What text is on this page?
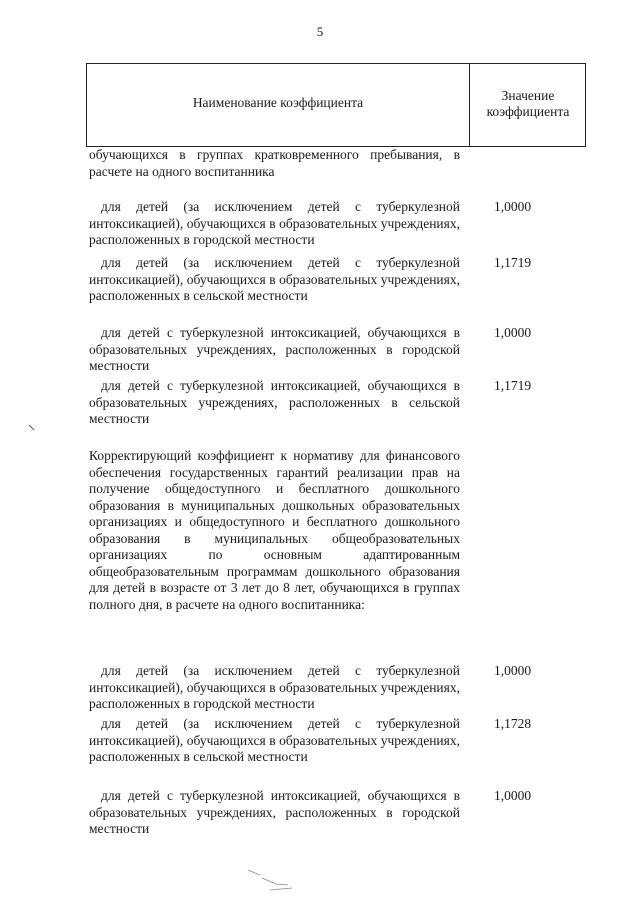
5
Наименование коэффициента	Значение
коэффициента
обучающихся в группах кратковременного пребывания, в расчете на одного воспитанника
для детей (за исключением детей с туберкулезной интоксикацией), обучающихся в образовательных учреждениях, расположенных в городской местности
1,0000
для детей (за исключением детей с туберкулезной интоксикацией), обучающихся в образовательных учреждениях, расположенных в сельской местности
1,1719
для детей с туберкулезной интоксикацией, обучающихся в образовательных учреждениях, расположенных в городской местности
1,0000
для детей с туберкулезной интоксикацией, обучающихся в образовательных учреждениях, расположенных в сельской местности
1,1719
Корректирующий коэффициент к нормативу для финансового обеспечения государственных гарантий реализации прав на получение общедоступного и бесплатного дошкольного образования в муниципальных дошкольных образовательных организациях и общедоступного и бесплатного дошкольного образования в муниципальных общеобразовательных организациях по основным адаптированным общеобразовательным программам дошкольного образования для детей в возрасте от 3 лет до 8 лет, обучающихся в группах полного дня, в расчете на одного воспитанника:
для детей (за исключением детей с туберкулезной интоксикацией), обучающихся в образовательных учреждениях, расположенных в городской местности
1,0000
для детей (за исключением детей с туберкулезной интоксикацией), обучающихся в образовательных учреждениях, расположенных в сельской местности
1,1728
для детей с туберкулезной интоксикацией, обучающихся в образовательных учреждениях, расположенных в городской местности
1,0000
